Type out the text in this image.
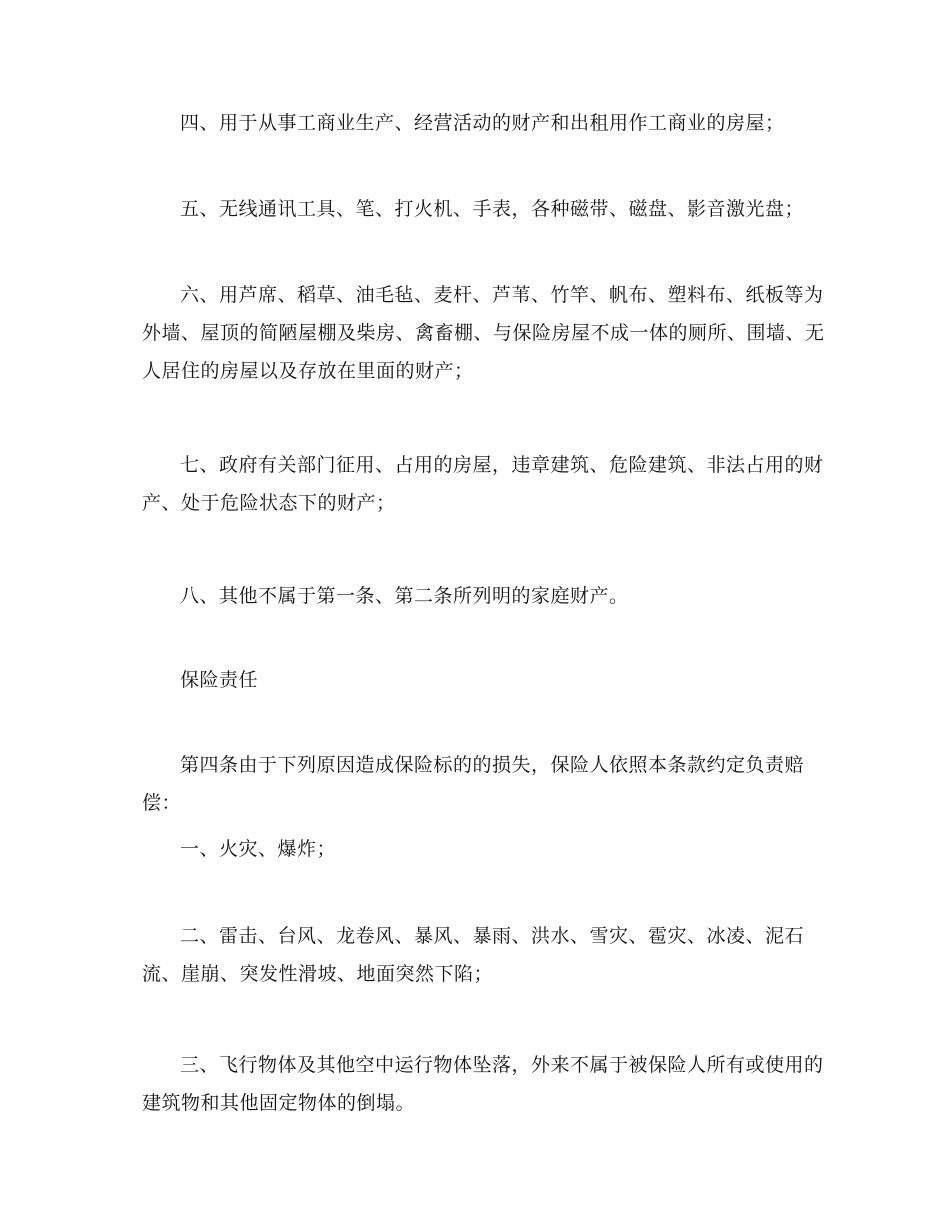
四、用于从事工商业生产、经营活动的财产和出租用作工商业的房屋；

五、无线通讯工具、笔、打火机、手表，各种磁带、磁盘、影音激光盘；

六、用芦席、稻草、油毛毡、麦杆、芦苇、竹竿、帆布、塑料布、纸板等为外墙、屋顶的简陋屋棚及柴房、禽畜棚、与保险房屋不成一体的厕所、围墙、无人居住的房屋以及存放在里面的财产；

七、政府有关部门征用、占用的房屋，违章建筑、危险建筑、非法占用的财产、处于危险状态下的财产；

八、其他不属于第一条、第二条所列明的家庭财产。

保险责任

第四条由于下列原因造成保险标的的损失，保险人依照本条款约定负责赔偿：

一、火灾、爆炸；

二、雷击、台风、龙卷风、暴风、暴雨、洪水、雪灾、雹灾、冰凌、泥石流、崖崩、突发性滑坡、地面突然下陷；

三、飞行物体及其他空中运行物体坠落，外来不属于被保险人所有或使用的建筑物和其他固定物体的倒塌。
